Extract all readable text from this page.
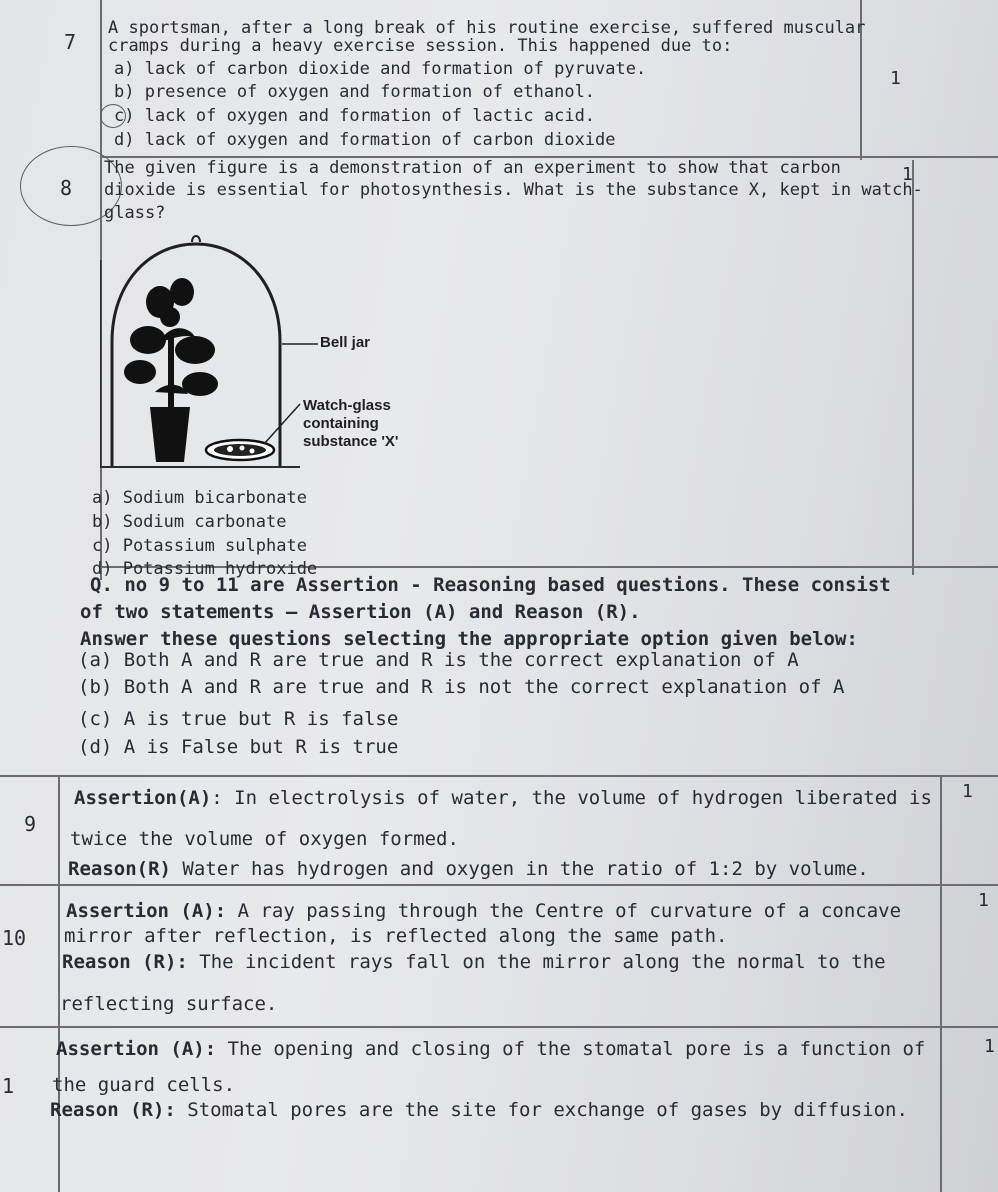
7
1
A sportsman, after a long break of his routine exercise, suffered muscular
cramps during a heavy exercise session. This happened due to:
a) lack of carbon dioxide and formation of pyruvate.
b) presence of oxygen and formation of ethanol.
c) lack of oxygen and formation of lactic acid.
d) lack of oxygen and formation of carbon dioxide
8
1
The given figure is a demonstration of an experiment to show that carbon
dioxide is essential for photosynthesis. What is the substance X, kept in watch-
glass?
Bell jar
Watch-glass
containing
substance 'X'
a) Sodium bicarbonate
b) Sodium carbonate
c) Potassium sulphate
d) Potassium hydroxide
Q. no 9 to 11 are Assertion - Reasoning based questions. These consist
of two statements – Assertion (A) and Reason (R).
Answer these questions selecting the appropriate option given below:
(a) Both A and R are true and R is the correct explanation of A
(b) Both A and R are true and R is not the correct explanation of A
(c) A is true but R is false
(d) A is False but R is true
9
1
Assertion(A): In electrolysis of water, the volume of hydrogen liberated is
twice the volume of oxygen formed.
Reason(R) Water has hydrogen and oxygen in the ratio of 1:2 by volume.
10
1
Assertion (A): A ray passing through the Centre of curvature of a concave
mirror after reflection, is reflected along the same path.
Reason (R): The incident rays fall on the mirror along the normal to the
reflecting surface.
1
1
Assertion (A): The opening and closing of the stomatal pore is a function of
the guard cells.
Reason (R): Stomatal pores are the site for exchange of gases by diffusion.
